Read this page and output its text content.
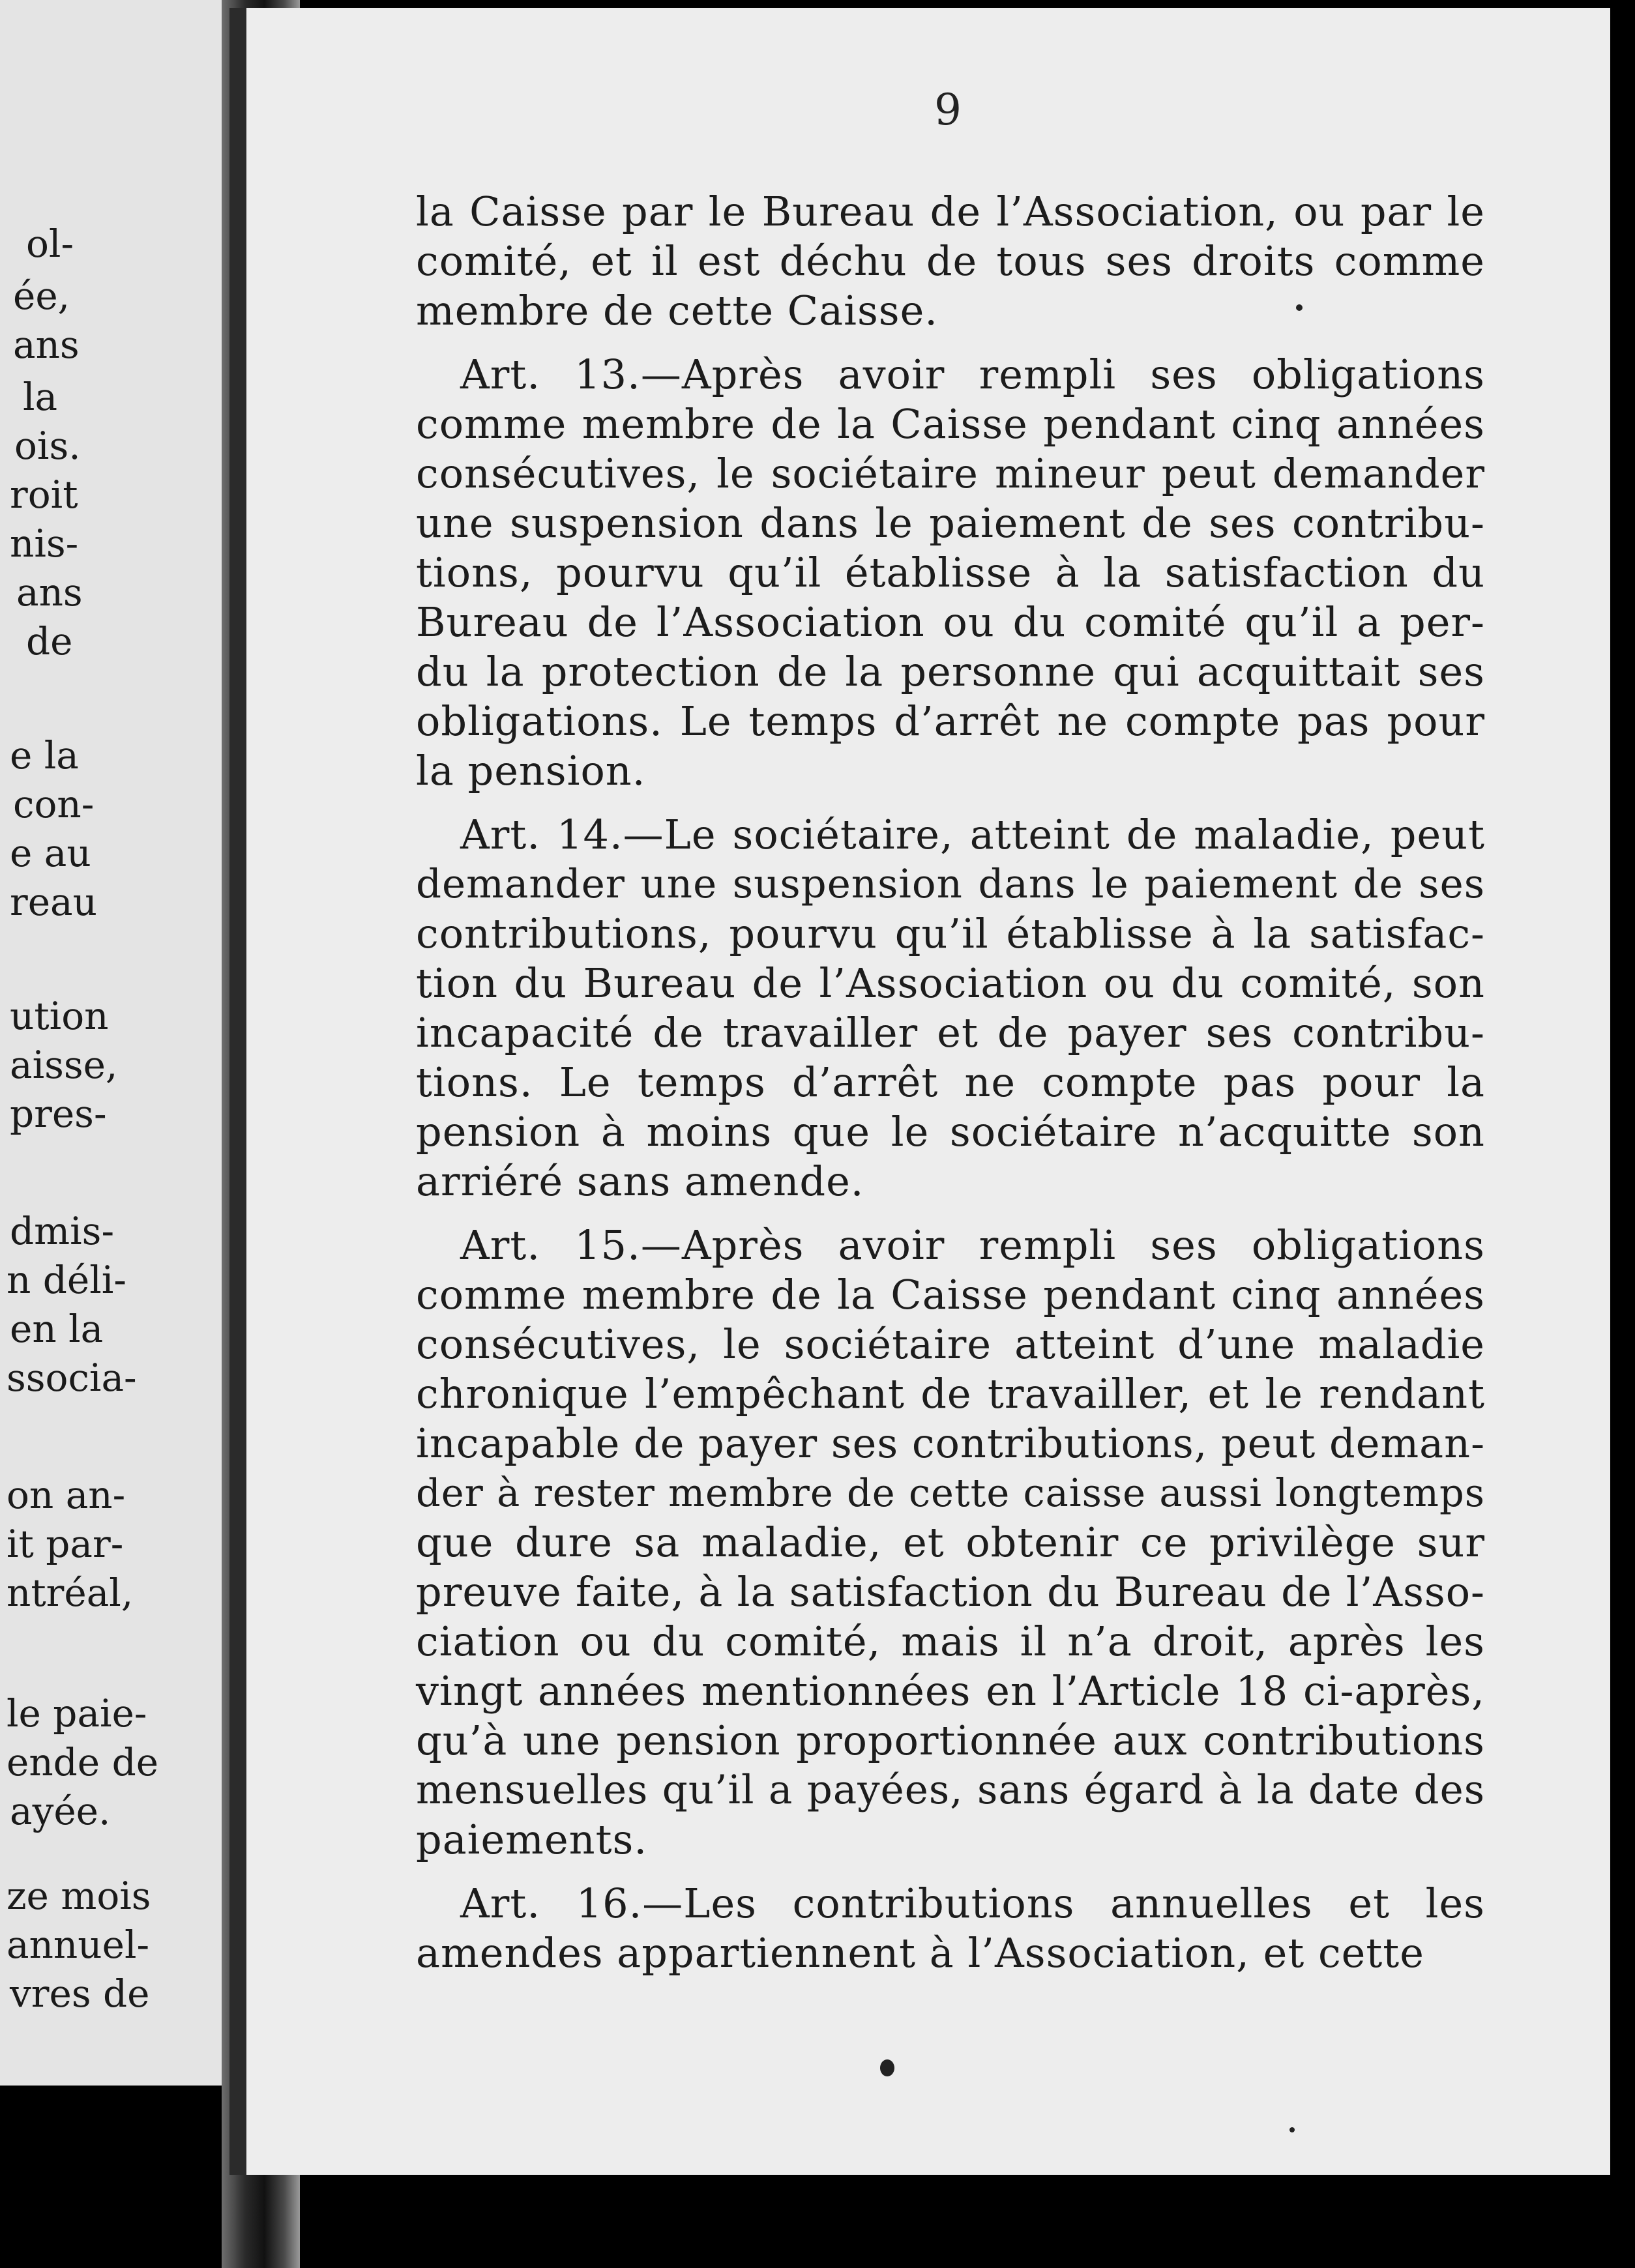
ol-
ée,
ans
la
ois.
roit
nis-
ans
de
e la
con-
e au
reau
ution
aisse,
pres-
dmis-
n déli-
en la
ssocia-
on an-
it par-
ntréal,
le paie-
ende de
ayée.
ze mois
annuel-
vres de
9
la Caisse par le Bureau de l’Association, ou par le
comité, et il est déchu de tous ses droits comme
membre de cette Caisse.
Art. 13.—Après avoir rempli ses obligations
comme membre de la Caisse pendant cinq années
consécutives, le sociétaire mineur peut demander
une suspension dans le paiement de ses contribu-
tions, pourvu qu’il établisse à la satisfaction du
Bureau de l’Association ou du comité qu’il a per-
du la protection de la personne qui acquittait ses
obligations. Le temps d’arrêt ne compte pas pour
la pension.
Art. 14.—Le sociétaire, atteint de maladie, peut
demander une suspension dans le paiement de ses
contributions, pourvu qu’il établisse à la satisfac-
tion du Bureau de l’Association ou du comité, son
incapacité de travailler et de payer ses contribu-
tions. Le temps d’arrêt ne compte pas pour la
pension à moins que le sociétaire n’acquitte son
arriéré sans amende.
Art. 15.—Après avoir rempli ses obligations
comme membre de la Caisse pendant cinq années
consécutives, le sociétaire atteint d’une maladie
chronique l’empêchant de travailler, et le rendant
incapable de payer ses contributions, peut deman-
der à rester membre de cette caisse aussi longtemps
que dure sa maladie, et obtenir ce privilège sur
preuve faite, à la satisfaction du Bureau de l’Asso-
ciation ou du comité, mais il n’a droit, après les
vingt années mentionnées en l’Article 18 ci-après,
qu’à une pension proportionnée aux contributions
mensuelles qu’il a payées, sans égard à la date des
paiements.
Art. 16.—Les contributions annuelles et les
amendes appartiennent à l’Association, et cette
